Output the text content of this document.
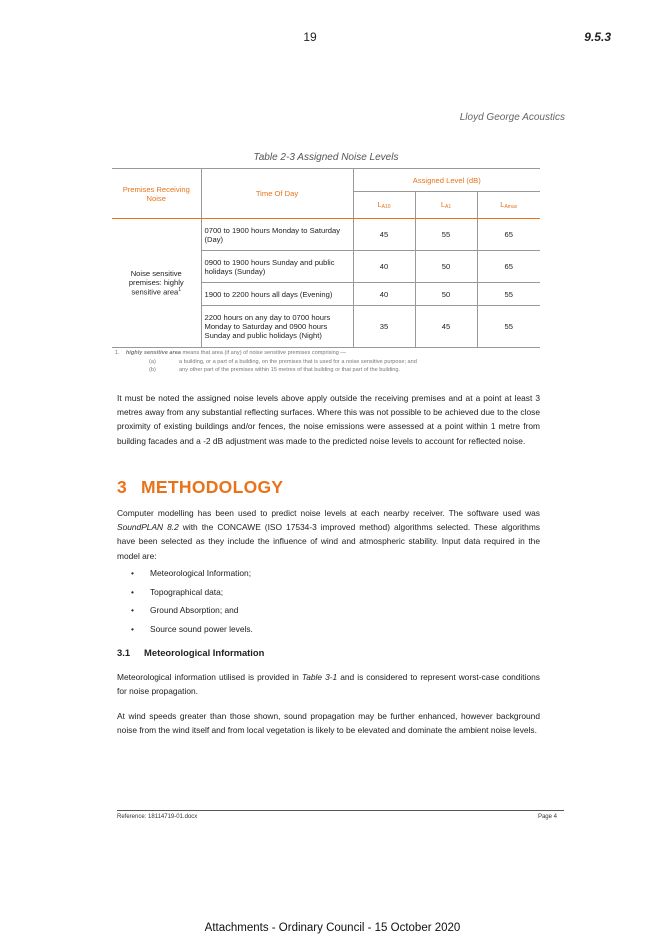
19	9.5.3
Lloyd George Acoustics
Table 2-3 Assigned Noise Levels
Premises Receiving Noise	Time Of Day	Assigned Level (dB)		
		$L_{A10}$	$L_{A1}$	$L_{Amax}$
Noise sensitive premises: highly sensitive area$^1$	0700 to 1900 hours Monday to Saturday (Day)	45	55	65
	0900 to 1900 hours Sunday and public holidays (Sunday)	40	50	65
	1900 to 2200 hours all days (Evening)	40	50	55
	2200 hours on any day to 0700 hours Monday to Saturday and 0900 hours Sunday and public holidays (Night)	35	45	55
1. highly sensitive area means that area (if any) of noise sensitive premises comprising —
(a)	a building, or a part of a building, on the premises that is used for a noise sensitive purpose; and
(b)	any other part of the premises within 15 metres of that building or that part of the building.
It must be noted the assigned noise levels above apply outside the receiving premises and at a point at least 3 metres away from any substantial reflecting surfaces. Where this was not possible to be achieved due to the close proximity of existing buildings and/or fences, the noise emissions were assessed at a point within 1 metre from building facades and a -2 dB adjustment was made to the predicted noise levels to account for reflected noise.
3 METHODOLOGY
Computer modelling has been used to predict noise levels at each nearby receiver. The software used was SoundPLAN 8.2 with the CONCAWE (ISO 17534-3 improved method) algorithms selected. These algorithms have been selected as they include the influence of wind and atmospheric stability. Input data required in the model are:
• Meteorological Information;
• Topographical data;
• Ground Absorption; and
• Source sound power levels.
3.1 Meteorological Information
Meteorological information utilised is provided in Table 3-1 and is considered to represent worst-case conditions for noise propagation.
At wind speeds greater than those shown, sound propagation may be further enhanced, however background noise from the wind itself and from local vegetation is likely to be elevated and dominate the ambient noise levels.
Reference: 18114719-01.docx	Page 4
Attachments - Ordinary Council - 15 October 2020
